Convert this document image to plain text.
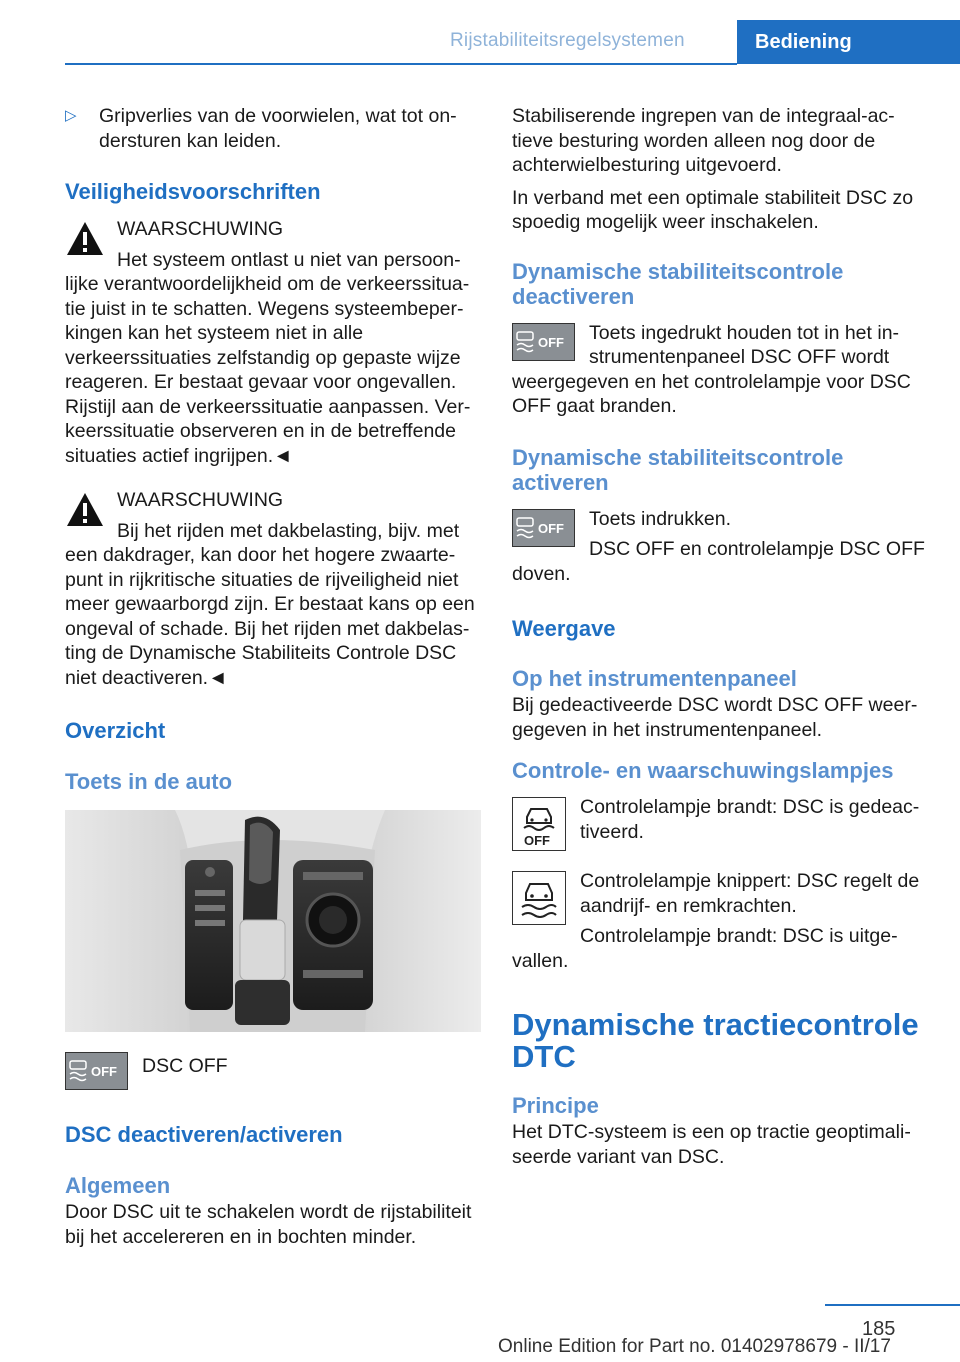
Rijstabiliteitsregelsystemen	Bediening
▷ Gripverlies van de voorwielen, wat tot ondersturen kan leiden.
Veiligheidsvoorschriften

WAARSCHUWING

Het systeem ontlast u niet van persoonlijke verantwoordelijkheid om de verkeerssituatie juist in te schatten. Wegens systeembeperkingen kan het systeem niet in alle verkeerssituaties zelfstandig op gepaste wijze reageren. Er bestaat gevaar voor ongevallen. Rijstijl aan de verkeerssituatie aanpassen. Verkeerssituatie observeren en in de betreffende situaties actief ingrijpen.◄

WAARSCHUWING

Bij het rijden met dakbelasting, bijv. met een dakdrager, kan door het hogere zwaartepunt in rijkritische situaties de rijveiligheid niet meer gewaarborgd zijn. Er bestaat kans op een ongeval of schade. Bij het rijden met dakbelasting de Dynamische Stabiliteits Controle DSC niet deactiveren.◄

Overzicht
Toets in de auto
OFF	DSC OFF

DSC deactiveren/activeren
Algemeen

Door DSC uit te schakelen wordt de rijstabiliteit bij het accelereren en in bochten minder.

Stabiliserende ingrepen van de integraal-actieve besturing worden alleen nog door de achterwielbesturing uitgevoerd.

In verband met een optimale stabiliteit DSC zo spoedig mogelijk weer inschakelen.

Dynamische stabiliteitscontrole deactiveren
OFF	Toets ingedrukt houden tot in het instrumentenpaneel DSC OFF wordt weergegeven en het controlelampje voor DSC OFF gaat branden.

Dynamische stabiliteitscontrole activeren
OFF	Toets indrukken.

DSC OFF en controlelampje DSC OFF doven.

Weergave
Op het instrumentenpaneel

Bij gedeactiveerde DSC wordt DSC OFF weergegeven in het instrumentenpaneel.

Controle- en waarschuwingslampjes
OFF

Controlelampje brandt: DSC is gedeactiveerd.

Controlelampje knippert: DSC regelt de aandrijf- en remkrachten.

Controlelampje brandt: DSC is uitgevallen.

Dynamische tractiecontrole DTC
Principe

Het DTC-systeem is een op tractie geoptimaliseerde variant van DSC.

185
Online Edition for Part no. 01402978679 - II/17
